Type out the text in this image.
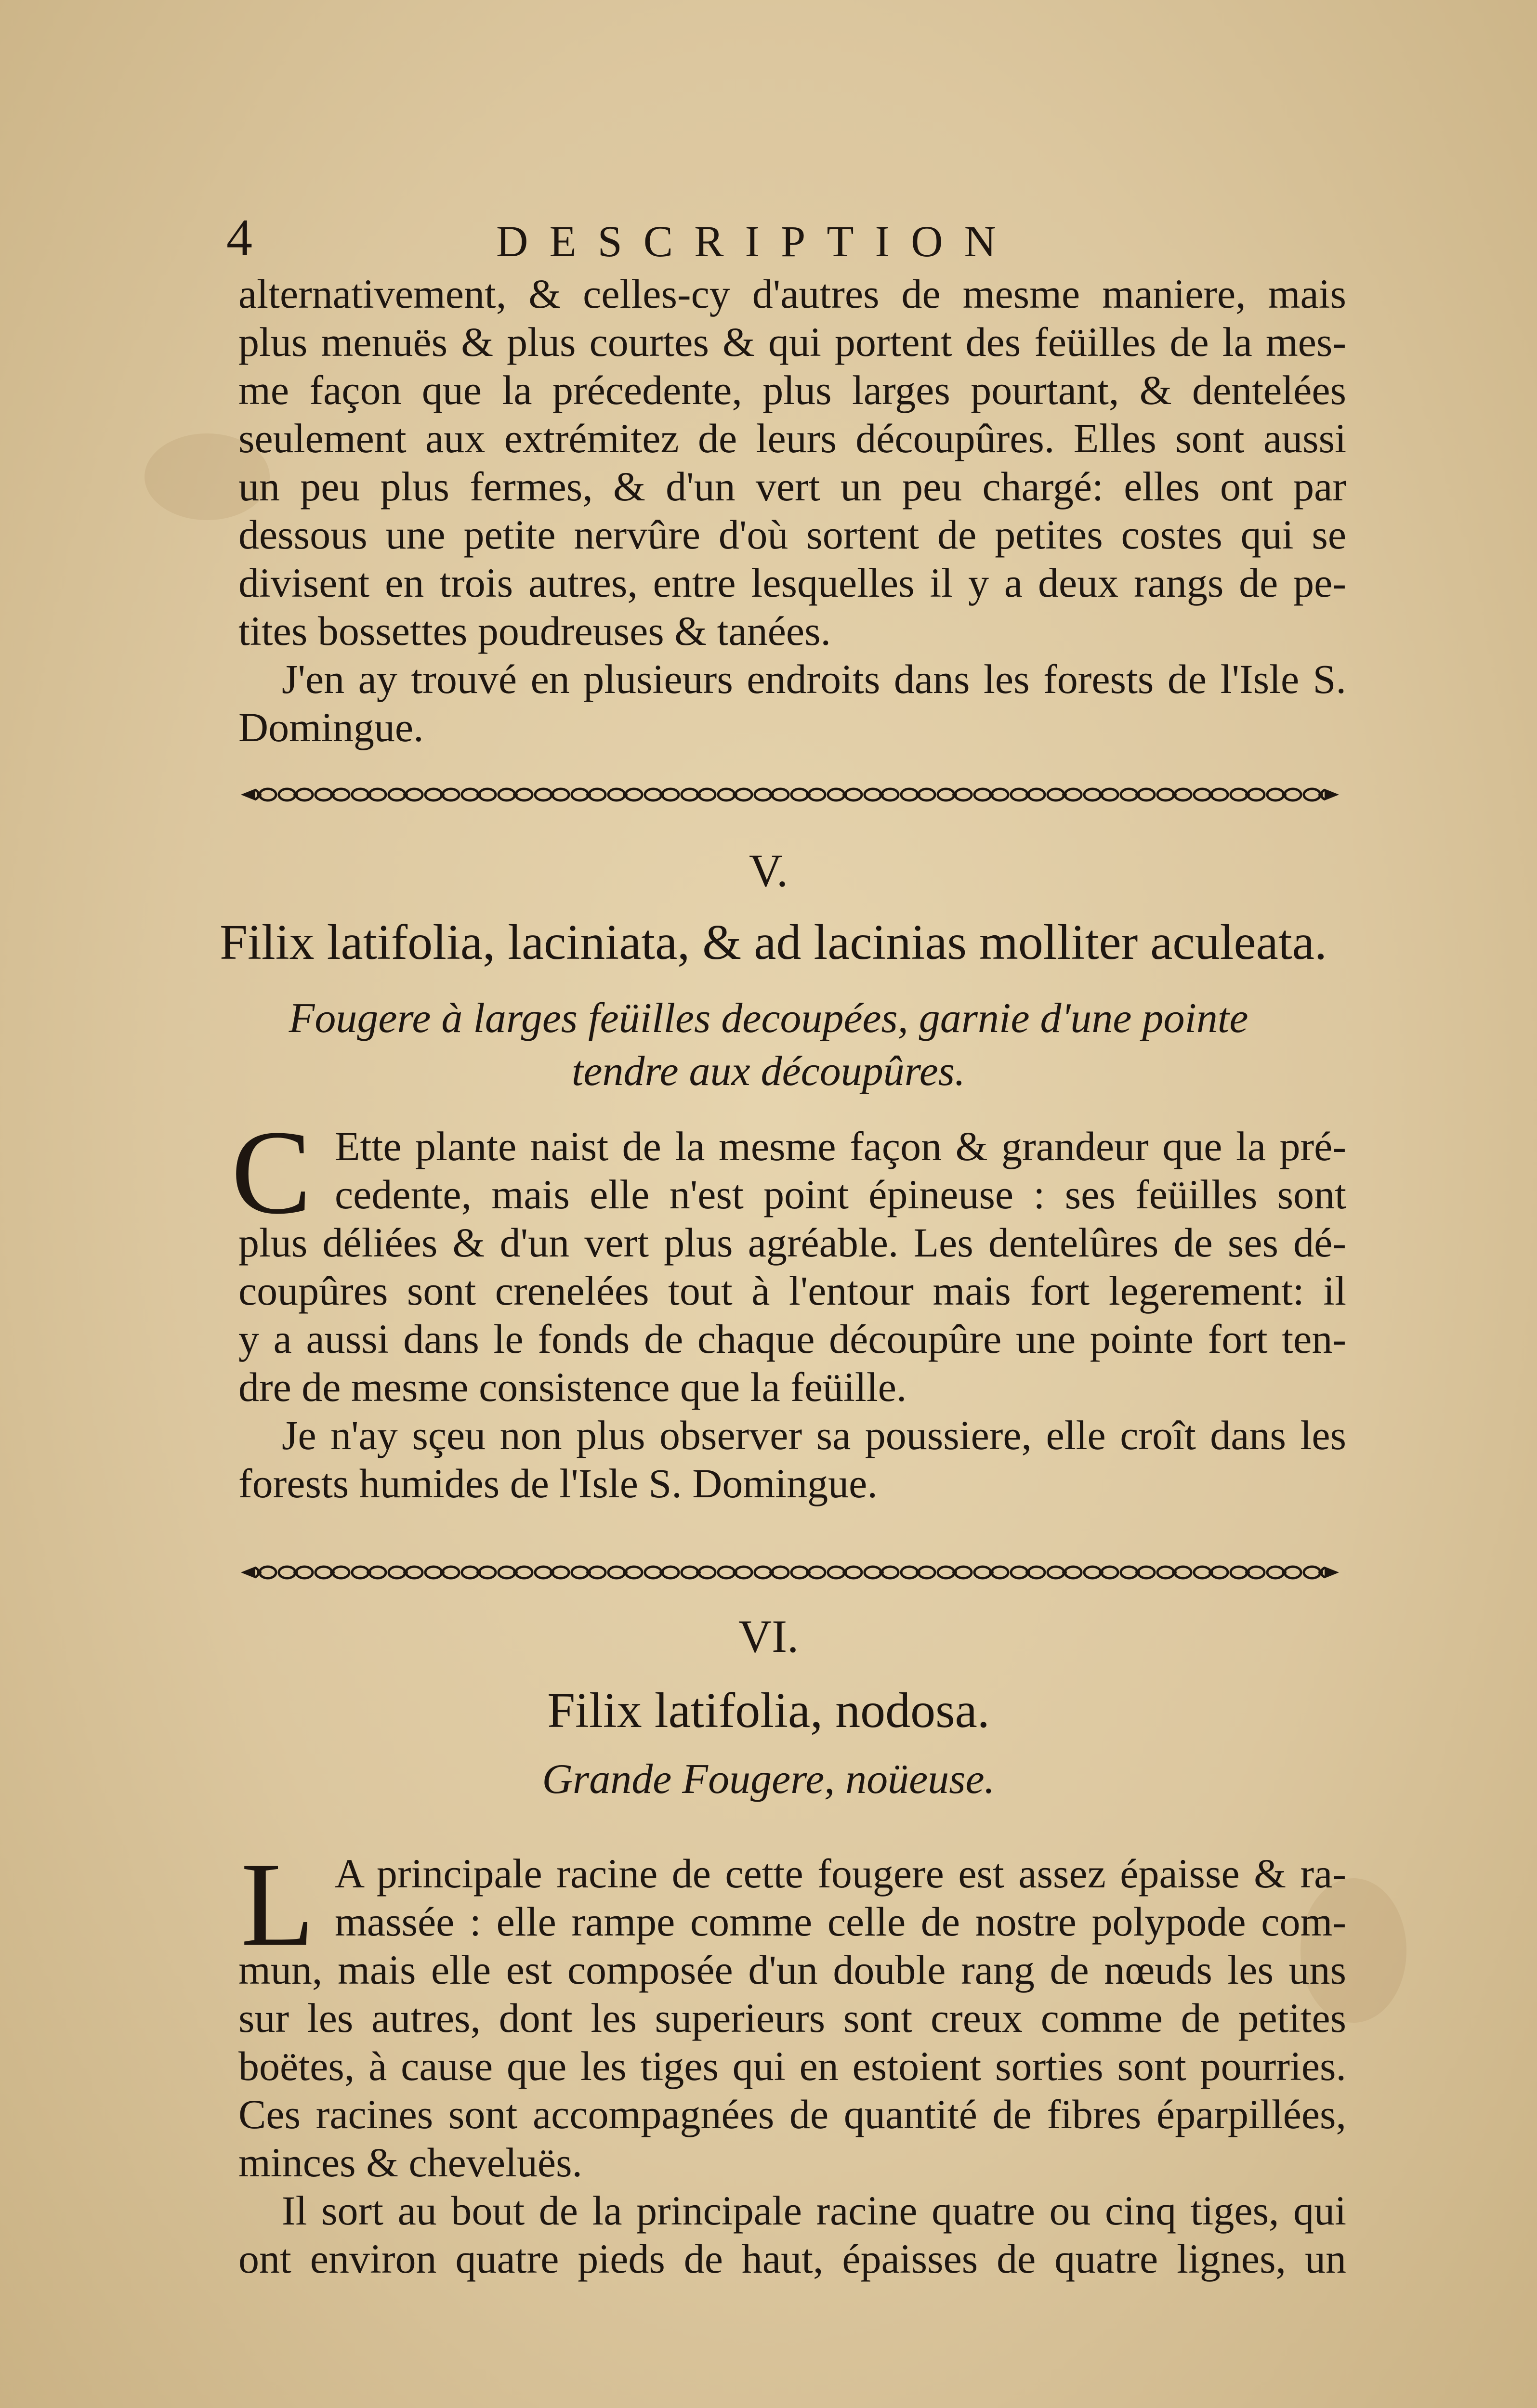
4	DESCRIPTION
alternativement, & celles-cy d'autres de mesme maniere, mais
plus menuës & plus courtes & qui portent des feüilles de la mes-
me façon que la précedente, plus larges pourtant, & dentelées
seulement aux extrémitez de leurs découpûres. Elles sont aussi
un peu plus fermes, & d'un vert un peu chargé: elles ont par
dessous une petite nervûre d'où sortent de petites costes qui se
divisent en trois autres, entre lesquelles il y a deux rangs de pe-
tites bossettes poudreuses & tanées.
J'en ay trouvé en plusieurs endroits dans les forests de l'Isle S.
Domingue.
V.
Filix latifolia, laciniata, & ad lacinias molliter aculeata.
Fougere à larges feüilles decoupées, garnie d'une pointe
tendre aux découpûres.
C Ette plante naist de la mesme façon & grandeur que la pré-
cedente, mais elle n'est point épineuse : ses feüilles sont
plus déliées & d'un vert plus agréable. Les dentelûres de ses dé-
coupûres sont crenelées tout à l'entour mais fort legerement: il
y a aussi dans le fonds de chaque découpûre une pointe fort ten-
dre de mesme consistence que la feüille.
Je n'ay sçeu non plus observer sa poussiere, elle croît dans les
forests humides de l'Isle S. Domingue.
VI.
Filix latifolia, nodosa.
Grande Fougere, noüeuse.
L A principale racine de cette fougere est assez épaisse & ra-
massée : elle rampe comme celle de nostre polypode com-
mun, mais elle est composée d'un double rang de nœuds les uns
sur les autres, dont les superieurs sont creux comme de petites
boëtes, à cause que les tiges qui en estoient sorties sont pourries.
Ces racines sont accompagnées de quantité de fibres éparpillées,
minces & cheveluës.
Il sort au bout de la principale racine quatre ou cinq tiges, qui
ont environ quatre pieds de haut, épaisses de quatre lignes, un
